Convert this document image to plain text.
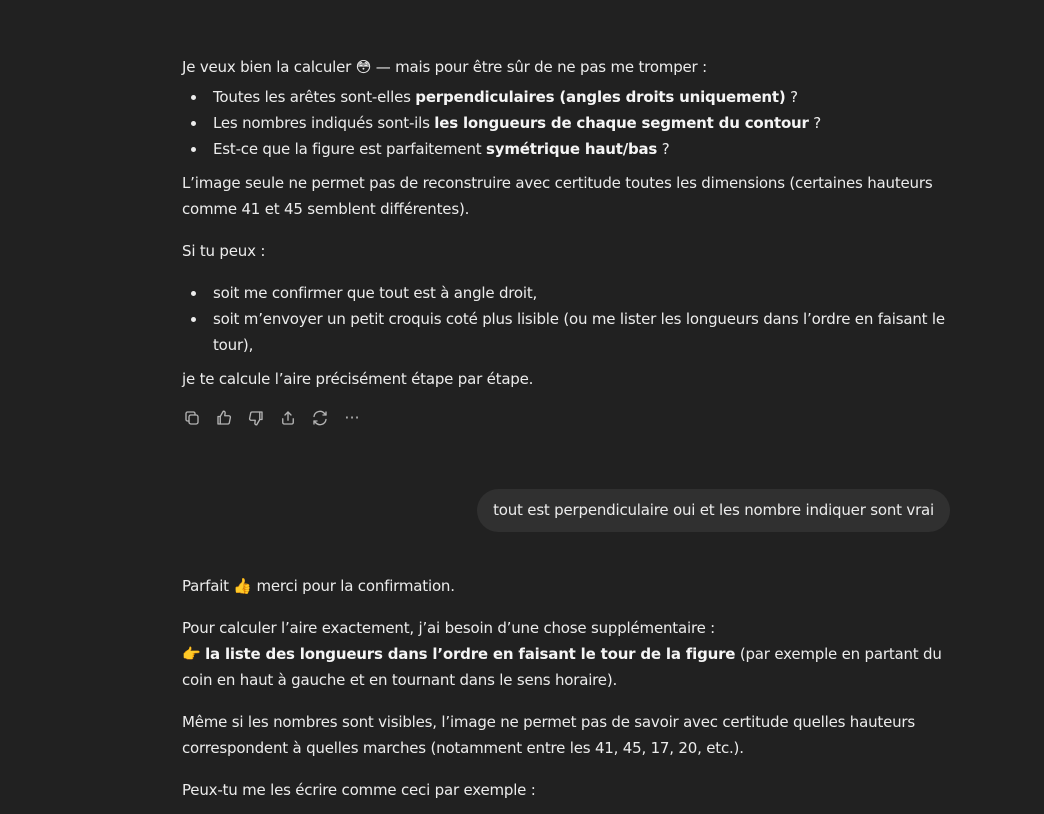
Je veux bien la calculer 😳 — mais pour être sûr de ne pas me tromper :

Toutes les arêtes sont-elles perpendiculaires (angles droits uniquement) ?
Les nombres indiqués sont-ils les longueurs de chaque segment du contour ?
Est-ce que la figure est parfaitement symétrique haut/bas ?

L’image seule ne permet pas de reconstruire avec certitude toutes les dimensions (certaines hauteurs comme 41 et 45 semblent différentes).

Si tu peux :

soit me confirmer que tout est à angle droit,
soit m’envoyer un petit croquis coté plus lisible (ou me lister les longueurs dans l’ordre en faisant le tour),

je te calcule l’aire précisément étape par étape.

···
tout est perpendiculaire oui et les nombre indiquer sont vrai

Parfait 👍 merci pour la confirmation.

Pour calculer l’aire exactement, j’ai besoin d’une chose supplémentaire :
👉 la liste des longueurs dans l’ordre en faisant le tour de la figure (par exemple en partant du coin en haut à gauche et en tournant dans le sens horaire).

Même si les nombres sont visibles, l’image ne permet pas de savoir avec certitude quelles hauteurs correspondent à quelles marches (notamment entre les 41, 45, 17, 20, etc.).

Peux-tu me les écrire comme ceci par exemple :
